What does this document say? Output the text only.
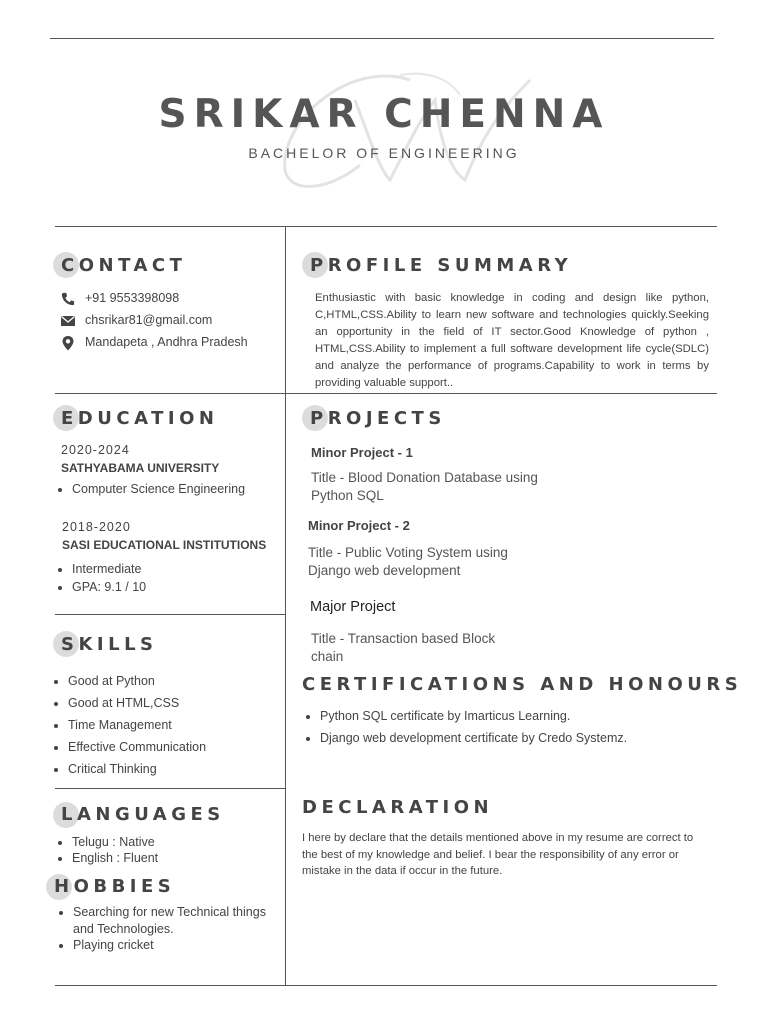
SRIKAR CHENNA
BACHELOR OF ENGINEERING
CONTACT
+91 9553398098
chsrikar81@gmail.com
Mandapeta , Andhra Pradesh
PROFILE SUMMARY
Enthusiastic with basic knowledge in coding and design like python, C,HTML,CSS.Ability to learn new software and technologies quickly.Seeking an opportunity in the field of IT sector.Good Knowledge of python , HTML,CSS.Ability to implement a full software development life cycle(SDLC) and analyze the performance of programs.Capability to work in terms by providing valuable support..
EDUCATION
2020-2024
SATHYABAMA UNIVERSITY
• Computer Science Engineering
2018-2020
SASI EDUCATIONAL INSTITUTIONS
• Intermediate
• GPA: 9.1 / 10
PROJECTS
Minor Project - 1
Title - Blood Donation Database using Python SQL
Minor Project - 2
Title - Public Voting System using Django web development
Major Project
Title - Transaction based Block chain
SKILLS
• Good at Python
• Good at HTML,CSS
• Time Management
• Effective Communication
• Critical Thinking
CERTIFICATIONS AND HONOURS
• Python SQL certificate by Imarticus Learning.
• Django web development certificate by Credo Systemz.
LANGUAGES
• Telugu : Native
• English : Fluent
DECLARATION
I here by declare that the details mentioned above in my resume are correct to the best of my knowledge and belief. I bear the responsibility of any error or mistake in the data if occur in the future.
HOBBIES
• Searching for new Technical things and Technologies.
• Playing cricket
